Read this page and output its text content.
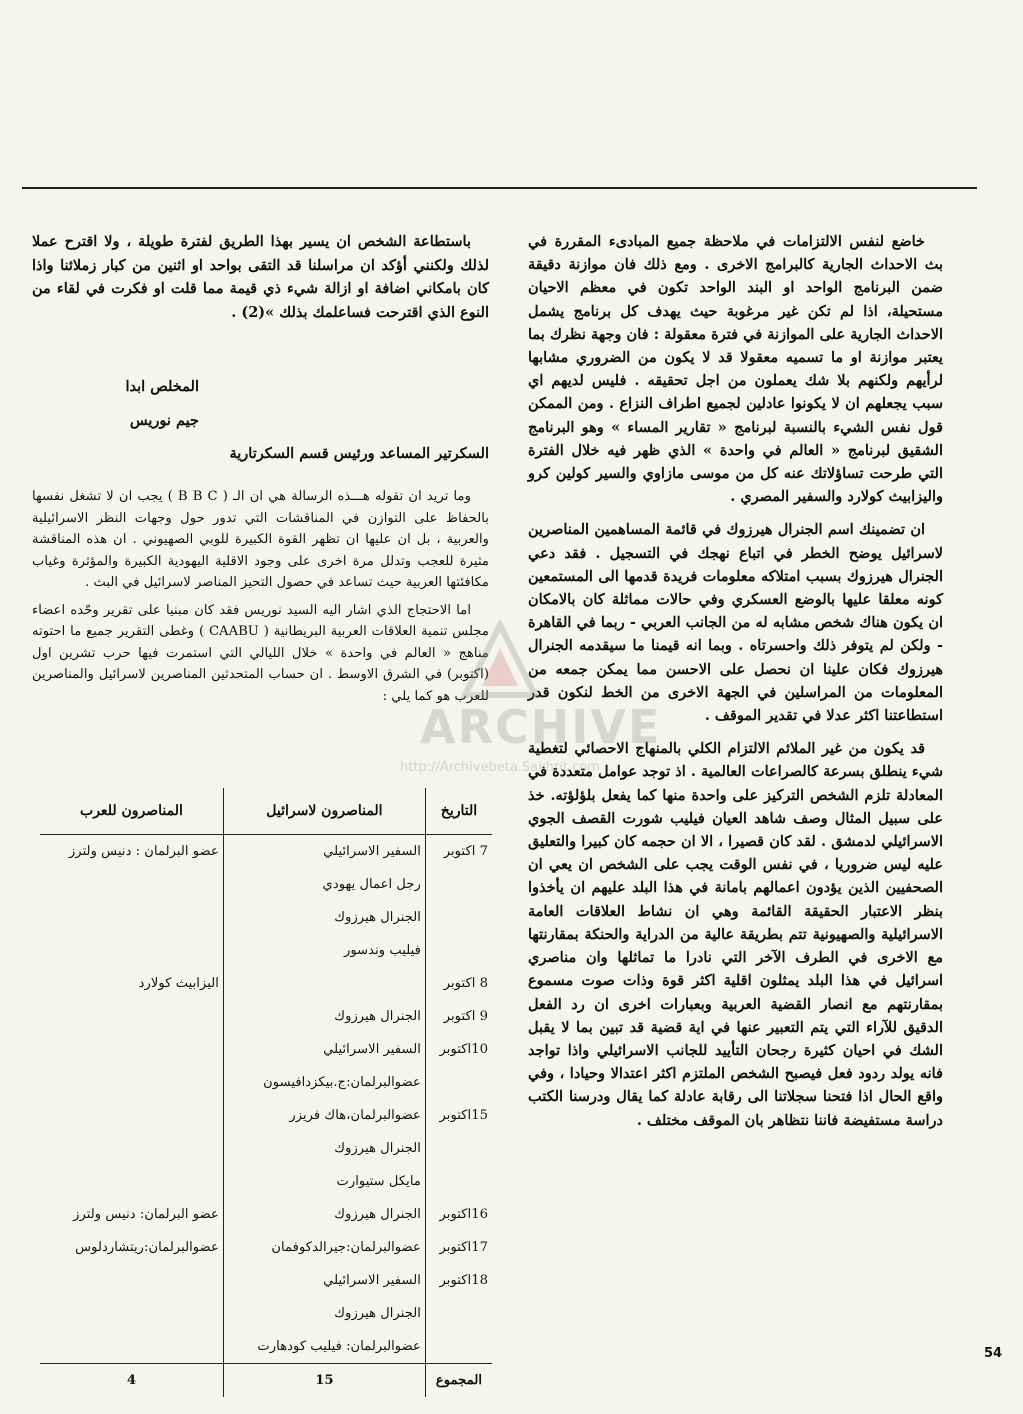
خاضع لنفس الالتزامات في ملاحظة جميع المبادىء المقررة في بث الاحداث الجارية كالبرامج الاخرى . ومع ذلك فان موازنة دقيقة ضمن البرنامج الواحد او البند الواحد تكون في معظم الاحيان مستحيلة، اذا لم تكن غير مرغوبة حيث يهدف كل برنامج يشمل الاحداث الجارية على الموازنة في فترة معقولة : فان وجهة نظرك بما يعتبر موازنة او ما تسميه معقولا قد لا يكون من الضروري مشابها لرأيهم ولكنهم بلا شك يعملون من اجل تحقيقه . فليس لديهم اي سبب يجعلهم ان لا يكونوا عادلين لجميع اطراف النزاع . ومن الممكن قول نفس الشيء بالنسبة لبرنامج « تقارير المساء » وهو البرنامج الشقيق لبرنامج « العالم في واحدة » الذي ظهر فيه خلال الفترة التي طرحت تساؤلاتك عنه كل من موسى مازاوي والسير كولين كرو واليزابيث كولارد والسفير المصري .

ان تضمينك اسم الجنرال هيرزوك في قائمة المساهمين المناصرين لاسرائيل يوضح الخطر في اتباع نهجك في التسجيل . فقد دعي الجنرال هيرزوك بسبب امتلاكه معلومات فريدة قدمها الى المستمعين كونه معلقا عليها بالوضع العسكري وفي حالات مماثلة كان بالامكان ان يكون هناك شخص مشابه له من الجانب العربي - ربما في القاهرة - ولكن لم يتوفر ذلك واحسرتاه . وبما انه قيمنا ما سيقدمه الجنرال هيرزوك فكان علينا ان نحصل على الاحسن مما يمكن جمعه من المعلومات من المراسلين في الجهة الاخرى من الخط لنكون قدر استطاعتنا اكثر عدلا في تقدير الموقف .

قد يكون من غير الملائم الالتزام الكلي بالمنهاج الاحصائي لتغطية شيء ينطلق بسرعة كالصراعات العالمية . اذ توجد عوامل متعددة في المعادلة تلزم الشخص التركيز على واحدة منها كما يفعل بلؤلؤته. خذ على سبيل المثال وصف شاهد العيان فيليب شورت القصف الجوي الاسرائيلي لدمشق . لقد كان قصيرا ، الا ان حجمه كان كبيرا والتعليق عليه ليس ضروريا ، في نفس الوقت يجب على الشخص ان يعي ان الصحفيين الذين يؤدون اعمالهم بامانة في هذا البلد عليهم ان يأخذوا بنظر الاعتبار الحقيقة القائمة وهي ان نشاط العلاقات العامة الاسرائيلية والصهيونية تتم بطريقة عالية من الدراية والحنكة بمقارنتها مع الاخرى في الطرف الآخر التي نادرا ما تماثلها وان مناصري اسرائيل في هذا البلد يمثلون اقلية اكثر قوة وذات صوت مسموع بمقارنتهم مع انصار القضية العربية وبعبارات اخرى ان رد الفعل الدقيق للآراء التي يتم التعبير عنها في اية قضية قد تبين بما لا يقبل الشك في احيان كثيرة رجحان التأييد للجانب الاسرائيلي واذا تواجد فانه يولد ردود فعل فيصبح الشخص الملتزم اكثر اعتدالا وحيادا ، وفي واقع الحال اذا فتحنا سجلاتنا الى رقابة عادلة كما يقال ودرسنا الكتب دراسة مستفيضة فاننا نتظاهر بان الموقف مختلف .

باستطاعة الشخص ان يسير بهذا الطريق لفترة طويلة ، ولا اقترح عملا لذلك ولكنني أؤكد ان مراسلنا قد التقى بواحد او اثنين من كبار زملائنا واذا كان بامكاني اضافة او ازالة شيء ذي قيمة مما قلت او فكرت في لقاء من النوع الذي اقترحت فساعلمك بذلك »(2) .

المخلص ابدا
جيم نوريس
السكرتير المساعد ورئيس قسم السكرتارية

وما تريد ان تقوله هـــذه الرسالة هي ان الـ ( B B C ) يجب ان لا تشغل نفسها بالحفاظ على التوازن في المناقشات التي تدور حول وجهات النظر الاسرائيلية والعربية ، بل ان عليها ان تظهر القوة الكبيرة للوبي الصهيوني . ان هذه المناقشة مثيرة للعجب وتدلل مرة اخرى على وجود الاقلية اليهودية الكبيرة والمؤثرة وغياب مكافئتها العربية حيث تساعد في حصول التحيز المناصر لاسرائيل في البث .

اما الاحتجاج الذي اشار اليه السيد نوريس فقد كان مبنيا على تقرير وحّده اعضاء مجلس تنمية العلاقات العربية البريطانية ( CAABU ) وغطى التقرير جميع ما احتوته مناهج « العالم في واحدة » خلال الليالي التي استمرت فيها حرب تشرين اول (اكتوبر) في الشرق الاوسط . ان حساب المتحدثين المناصرين لاسرائيل والمناصرين للعرب هو كما يلي :

التاريخ	المناصرون لاسرائيل	المناصرون للعرب
7 اكتوبر	السفير الاسرائيلي	عضو البرلمان : دنيس ولترز
	رجل اعمال يهودي	
	الجنرال هيرزوك	
	فيليب وندسور	
8 اكتوبر		اليزابيث كولارد
9 اكتوبر	الجنرال هيرزوك	
10اكتوبر	السفير الاسرائيلي	
	عضوالبرلمان:ج.بيكزدافيسون	
15اكتوبر	عضوالبرلمان،هاك فريزر	
	الجنرال هيرزوك	
	مايكل ستيوارت	
16اكتوبر	الجنرال هيرزوك	عضو البرلمان: دنيس ولترز
17اكتوبر	عضوالبرلمان:جيرالدكوفمان	عضوالبرلمان:ريتشاردلوس
18اكتوبر	السفير الاسرائيلي	
	الجنرال هيرزوك	
	عضوالبرلمان: فيليب كودهارت	
المجموع	15	4
ARCHIVE
http://Archivebeta.Sakhrit.com
54
